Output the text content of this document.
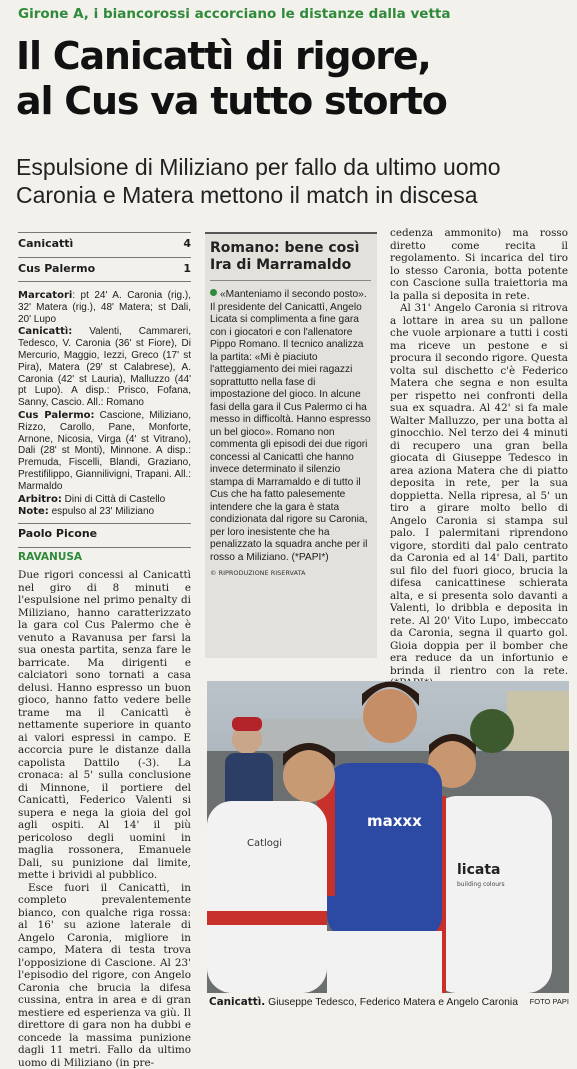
Girone A, i biancorossi accorciano le distanze dalla vetta
Il Canicattì di rigore,
al Cus va tutto storto
Espulsione di Miliziano per fallo da ultimo uomo
Caronia e Matera mettono il match in discesa
Canicattì	4
Cus Palermo	1

Marcatori: pt 24' A. Caronia (rig.), 32' Matera (rig.), 48' Matera; st Dali, 20' Lupo

Canicattì: Valenti, Cammareri, Tedesco, V. Caronia (36' st Fiore), Di Mercurio, Maggio, Iezzi, Greco (17' st Pira), Matera (29' st Calabrese), A. Caronia (42' st Lauria), Malluzzo (44' pt Lupo). A disp.: Prisco, Fofana, Sanny, Cascio. All.: Romano

Cus Palermo: Cascione, Miliziano, Rizzo, Carollo, Pane, Monforte, Arnone, Nicosia, Virga (4' st Vitrano), Dali (28' st Monti), Minnone. A disp.: Premuda, Fiscelli, Blandi, Graziano, Prestifilippo, Giannilivigni, Trapani. All.: Marmaldo

Arbitro: Dini di Città di Castello

Note: espulso al 23' Miliziano

Paolo Picone
RAVANUSA

Due rigori concessi al Canicattì nel giro di 8 minuti e l'espulsione nel primo penalty di Miliziano, hanno caratterizzato la gara col Cus Palermo che è venuto a Ravanusa per farsi la sua onesta partita, senza fare le barricate. Ma dirigenti e calciatori sono tornati a casa delusi. Hanno espresso un buon gioco, hanno fatto vedere belle trame ma il Canicattì è nettamente superiore in quanto ai valori espressi in campo. E accorcia pure le distanze dalla capolista Dattilo (-3). La cronaca: al 5' sulla conclusione di Minnone, il portiere del Canicattì, Federico Valenti si supera e nega la gioia del gol agli ospiti. Al 14' il più pericoloso degli uomini in maglia rossonera, Emanuele Dali, su punizione dal limite, mette i brividi al pubblico.

Esce fuori il Canicattì, in completo prevalentemente bianco, con qualche riga rossa: al 16' su azione laterale di Angelo Caronia, migliore in campo, Matera di testa trova l'opposizione di Cascione. Al 23' l'episodio del rigore, con Angelo Caronia che brucia la difesa cussina, entra in area e di gran mestiere ed esperienza va giù. Il direttore di gara non ha dubbi e concede la massima punizione dagli 11 metri. Fallo da ultimo uomo di Miliziano (in pre-

Romano: bene così
Ira di Marramaldo
«Manteniamo il secondo posto». Il presidente del Canicattì, Angelo Licata si complimenta a fine gara con i giocatori e con l'allenatore Pippo Romano. Il tecnico analizza la partita: «Mi è piaciuto l'atteggiamento dei miei ragazzi soprattutto nella fase di impostazione del gioco. In alcune fasi della gara il Cus Palermo ci ha messo in difficoltà. Hanno espresso un bel gioco». Romano non commenta gli episodi dei due rigori concessi al Canicattì che hanno invece determinato il silenzio stampa di Marramaldo e di tutto il Cus che ha fatto palesemente intendere che la gara è stata condizionata dal rigore su Caronia, per loro inesistente che ha penalizzato la squadra anche per il rosso a Miliziano. (*PAPI*)
© RIPRODUZIONE RISERVATA

cedenza ammonito) ma rosso diretto come recita il regolamento. Si incarica del tiro lo stesso Caronia, botta potente con Cascione sulla traiettoria ma la palla si deposita in rete.

Al 31' Angelo Caronia si ritrova a lottare in area su un pallone che vuole arpionare a tutti i costi ma riceve un pestone e si procura il secondo rigore. Questa volta sul dischetto c'è Federico Matera che segna e non esulta per rispetto nei confronti della sua ex squadra. Al 42' si fa male Walter Malluzzo, per una botta al ginocchio. Nel terzo dei 4 minuti di recupero una gran bella giocata di Giuseppe Tedesco in area aziona Matera che di piatto deposita in rete, per la sua doppietta. Nella ripresa, al 5' un tiro a girare molto bello di Angelo Caronia si stampa sul palo. I palermitani riprendono vigore, storditi dal palo centrato da Caronia ed al 14' Dali, partito sul filo del fuori gioco, brucia la difesa canicattinese schierata alta, e si presenta solo davanti a Valenti, lo dribbla e deposita in rete. Al 20' Vito Lupo, imbeccato da Caronia, segna il quarto gol. Gioia doppia per il bomber che era reduce da un infortunio e brinda il rientro con la rete.

Catlogi
maxxx
licata
building colours
Canicattì. Giuseppe Tedesco, Federico Matera e Angelo Caronia FOTO PAPI
